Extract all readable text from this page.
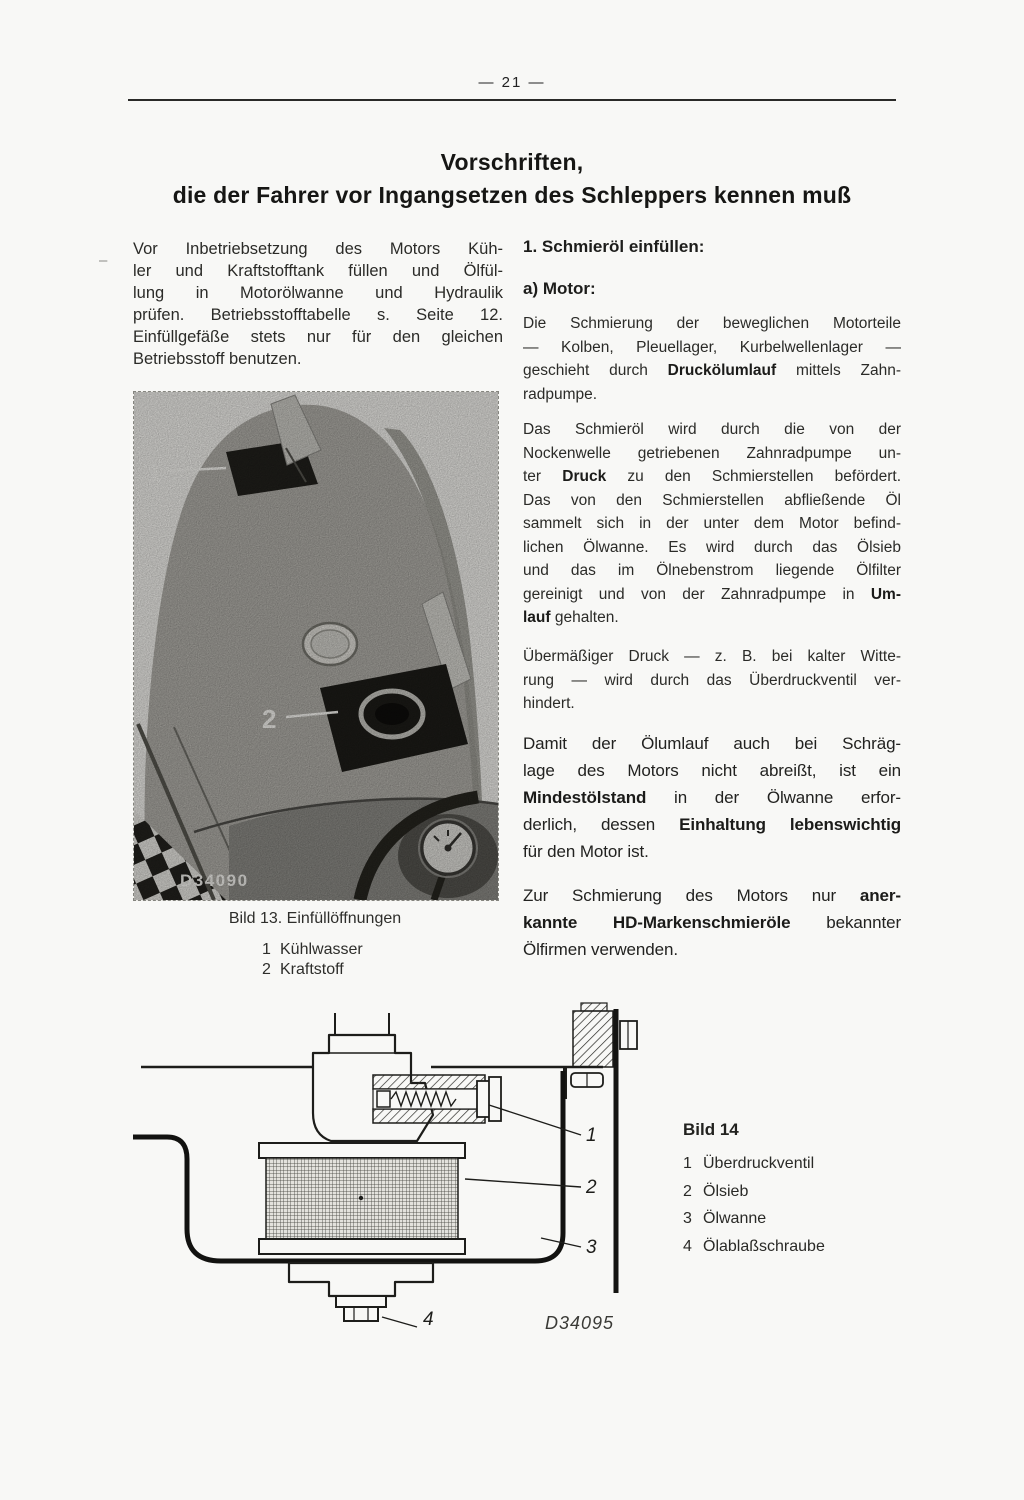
— 21 —
Vorschriften,
die der Fahrer vor Ingangsetzen des Schleppers kennen muß
–
Vor Inbetriebsetzung des Motors Küh-
ler und Kraftstofftank füllen und Ölfül-
lung in Motorölwanne und Hydraulik
prüfen. Betriebsstofftabelle s. Seite 12.
Einfüllgefäße stets nur für den gleichen
Betriebsstoff benutzen.
Bild 13. Einfüllöffnungen
1 Kühlwasser
2 Kraftstoff
1. Schmieröl einfüllen:
a) Motor:
Die Schmierung der beweglichen Motorteile
— Kolben, Pleuellager, Kurbelwellenlager —
geschieht durch Druckölumlauf mittels Zahn-
radpumpe.
Das Schmieröl wird durch die von der
Nockenwelle getriebenen Zahnradpumpe un-
ter Druck zu den Schmierstellen befördert.
Das von den Schmierstellen abfließende Öl
sammelt sich in der unter dem Motor befind-
lichen Ölwanne. Es wird durch das Ölsieb
und das im Ölnebenstrom liegende Ölfilter
gereinigt und von der Zahnradpumpe in Um-
lauf gehalten.
Übermäßiger Druck — z. B. bei kalter Witte-
rung — wird durch das Überdruckventil ver-
hindert.
Damit der Ölumlauf auch bei Schräg-
lage des Motors nicht abreißt, ist ein
Mindestölstand in der Ölwanne erfor-
derlich, dessen Einhaltung lebenswichtig
für den Motor ist.
Zur Schmierung des Motors nur aner-
kannte HD-Markenschmieröle bekannter
Ölfirmen verwenden.
1
2
3
4	D34095
Bild 14
1 Überdruckventil
2 Ölsieb
3 Ölwanne
4 Ölablaßschraube
